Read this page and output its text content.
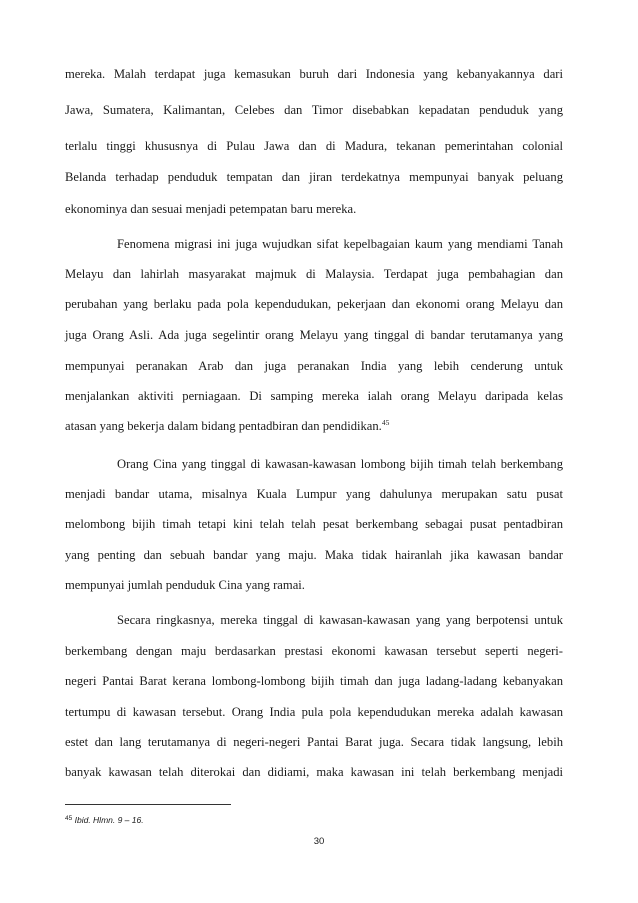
mereka. Malah terdapat juga kemasukan buruh dari Indonesia yang kebanyakannya dari
Jawa, Sumatera, Kalimantan, Celebes dan Timor disebabkan kepadatan penduduk yang
terlalu tinggi khususnya di Pulau Jawa dan di Madura, tekanan pemerintahan colonial
Belanda terhadap penduduk tempatan dan jiran terdekatnya mempunyai banyak peluang
ekonominya dan sesuai menjadi petempatan baru mereka.
Fenomena migrasi ini juga wujudkan sifat kepelbagaian kaum yang mendiami Tanah
Melayu dan lahirlah masyarakat majmuk di Malaysia. Terdapat juga pembahagian dan
perubahan yang berlaku pada pola kependudukan, pekerjaan dan ekonomi orang Melayu dan
juga Orang Asli. Ada juga segelintir orang Melayu yang tinggal di bandar terutamanya yang
mempunyai peranakan Arab dan juga peranakan India yang lebih cenderung untuk
menjalankan aktiviti perniagaan. Di samping mereka ialah orang Melayu daripada kelas
atasan yang bekerja dalam bidang pentadbiran dan pendidikan.$^{45}$
Orang Cina yang tinggal di kawasan-kawasan lombong bijih timah telah berkembang
menjadi bandar utama, misalnya Kuala Lumpur yang dahulunya merupakan satu pusat
melombong bijih timah tetapi kini telah telah pesat berkembang sebagai pusat pentadbiran
yang penting dan sebuah bandar yang maju. Maka tidak hairanlah jika kawasan bandar
mempunyai jumlah penduduk Cina yang ramai.
Secara ringkasnya, mereka tinggal di kawasan-kawasan yang yang berpotensi untuk
berkembang dengan maju berdasarkan prestasi ekonomi kawasan tersebut seperti negeri-
negeri Pantai Barat kerana lombong-lombong bijih timah dan juga ladang-ladang kebanyakan
tertumpu di kawasan tersebut. Orang India pula pola kependudukan mereka adalah kawasan
estet dan lang terutamanya di negeri-negeri Pantai Barat juga. Secara tidak langsung, lebih
banyak kawasan telah diterokai dan didiami, maka kawasan ini telah berkembang menjadi
$^{45}$ Ibid. Hlmn. 9 – 16.
30
